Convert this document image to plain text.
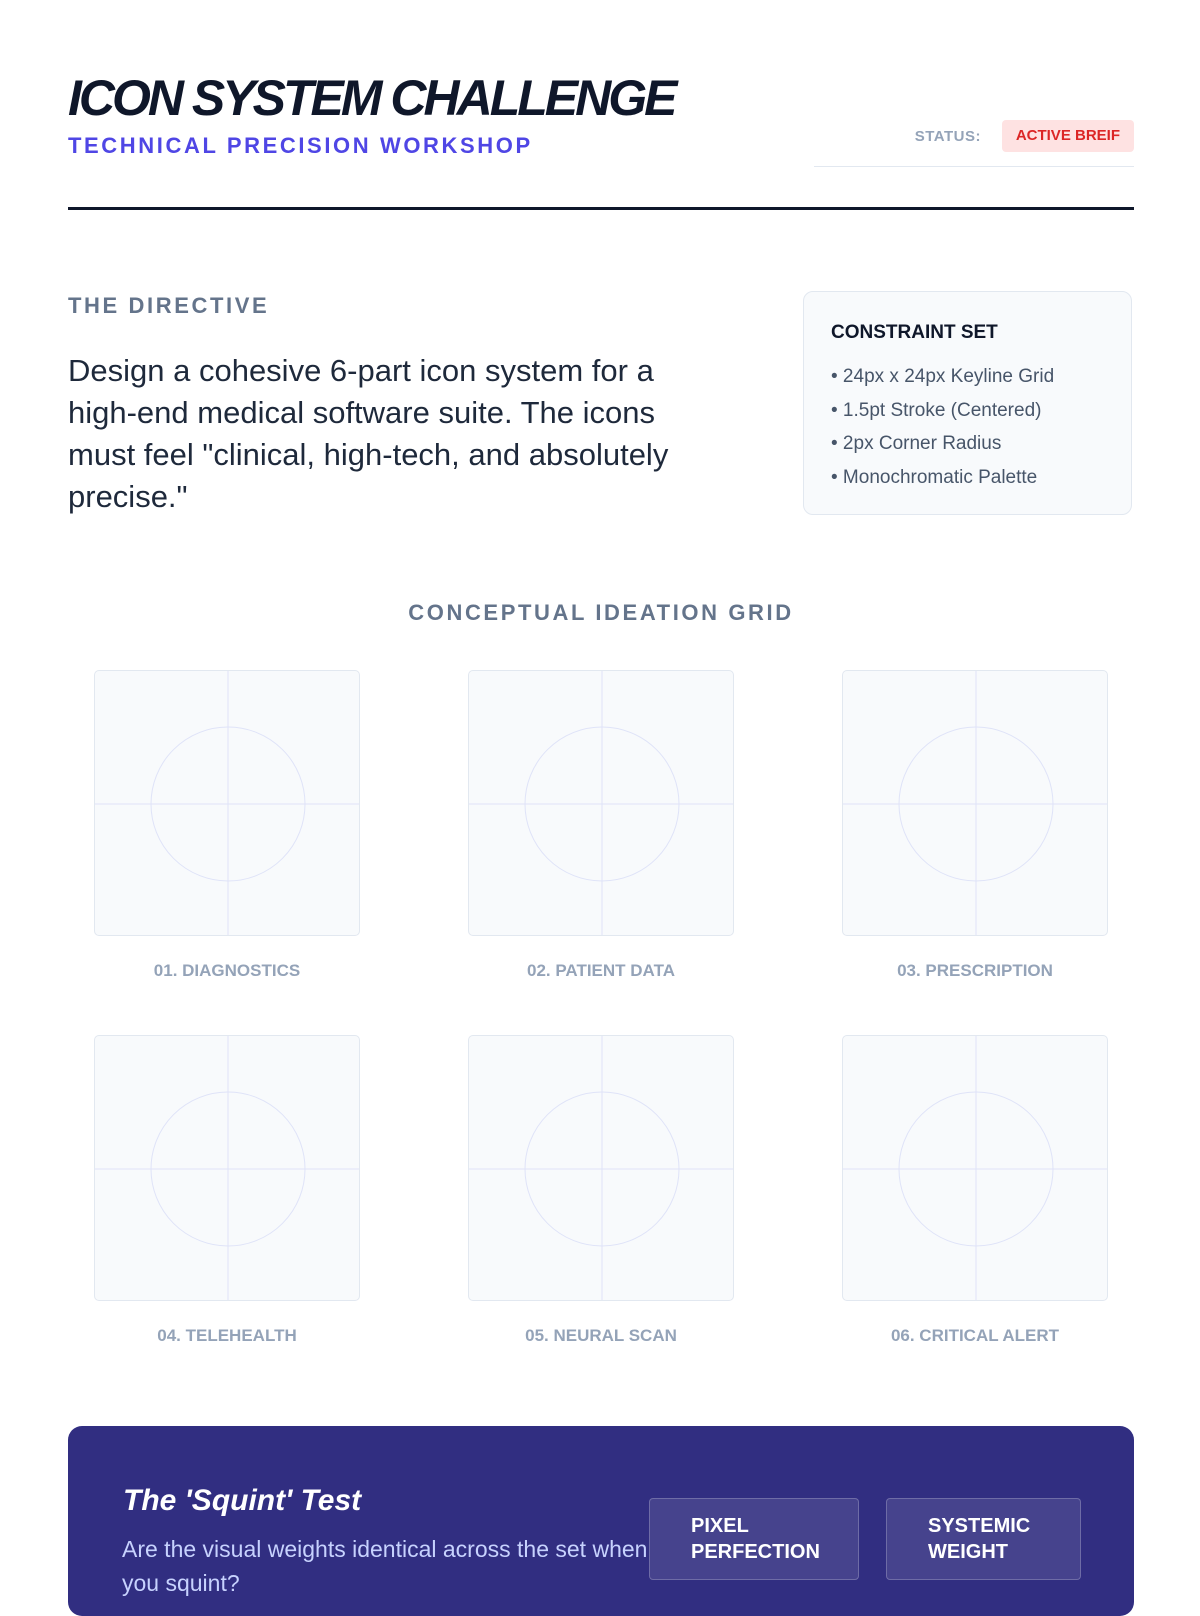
ICON SYSTEM CHALLENGE
TECHNICAL PRECISION WORKSHOP	STATUS:	ACTIVE BREIF
THE DIRECTIVE

Design a cohesive 6-part icon system for a high-end medical software suite. The icons must feel "clinical, high-tech, and absolutely precise."

CONSTRAINT SET
• 24px x 24px Keyline Grid
• 1.5pt Stroke (Centered)
• 2px Corner Radius
• Monochromatic Palette
CONCEPTUAL IDEATION GRID
01. DIAGNOSTICS	02. PATIENT DATA	03. PRESCRIPTION
04. TELEHEALTH	05. NEURAL SCAN	06. CRITICAL ALERT
The 'Squint' Test

Are the visual weights identical across the set when you squint?

PIXEL
PERFECTION
SYSTEMIC
WEIGHT
